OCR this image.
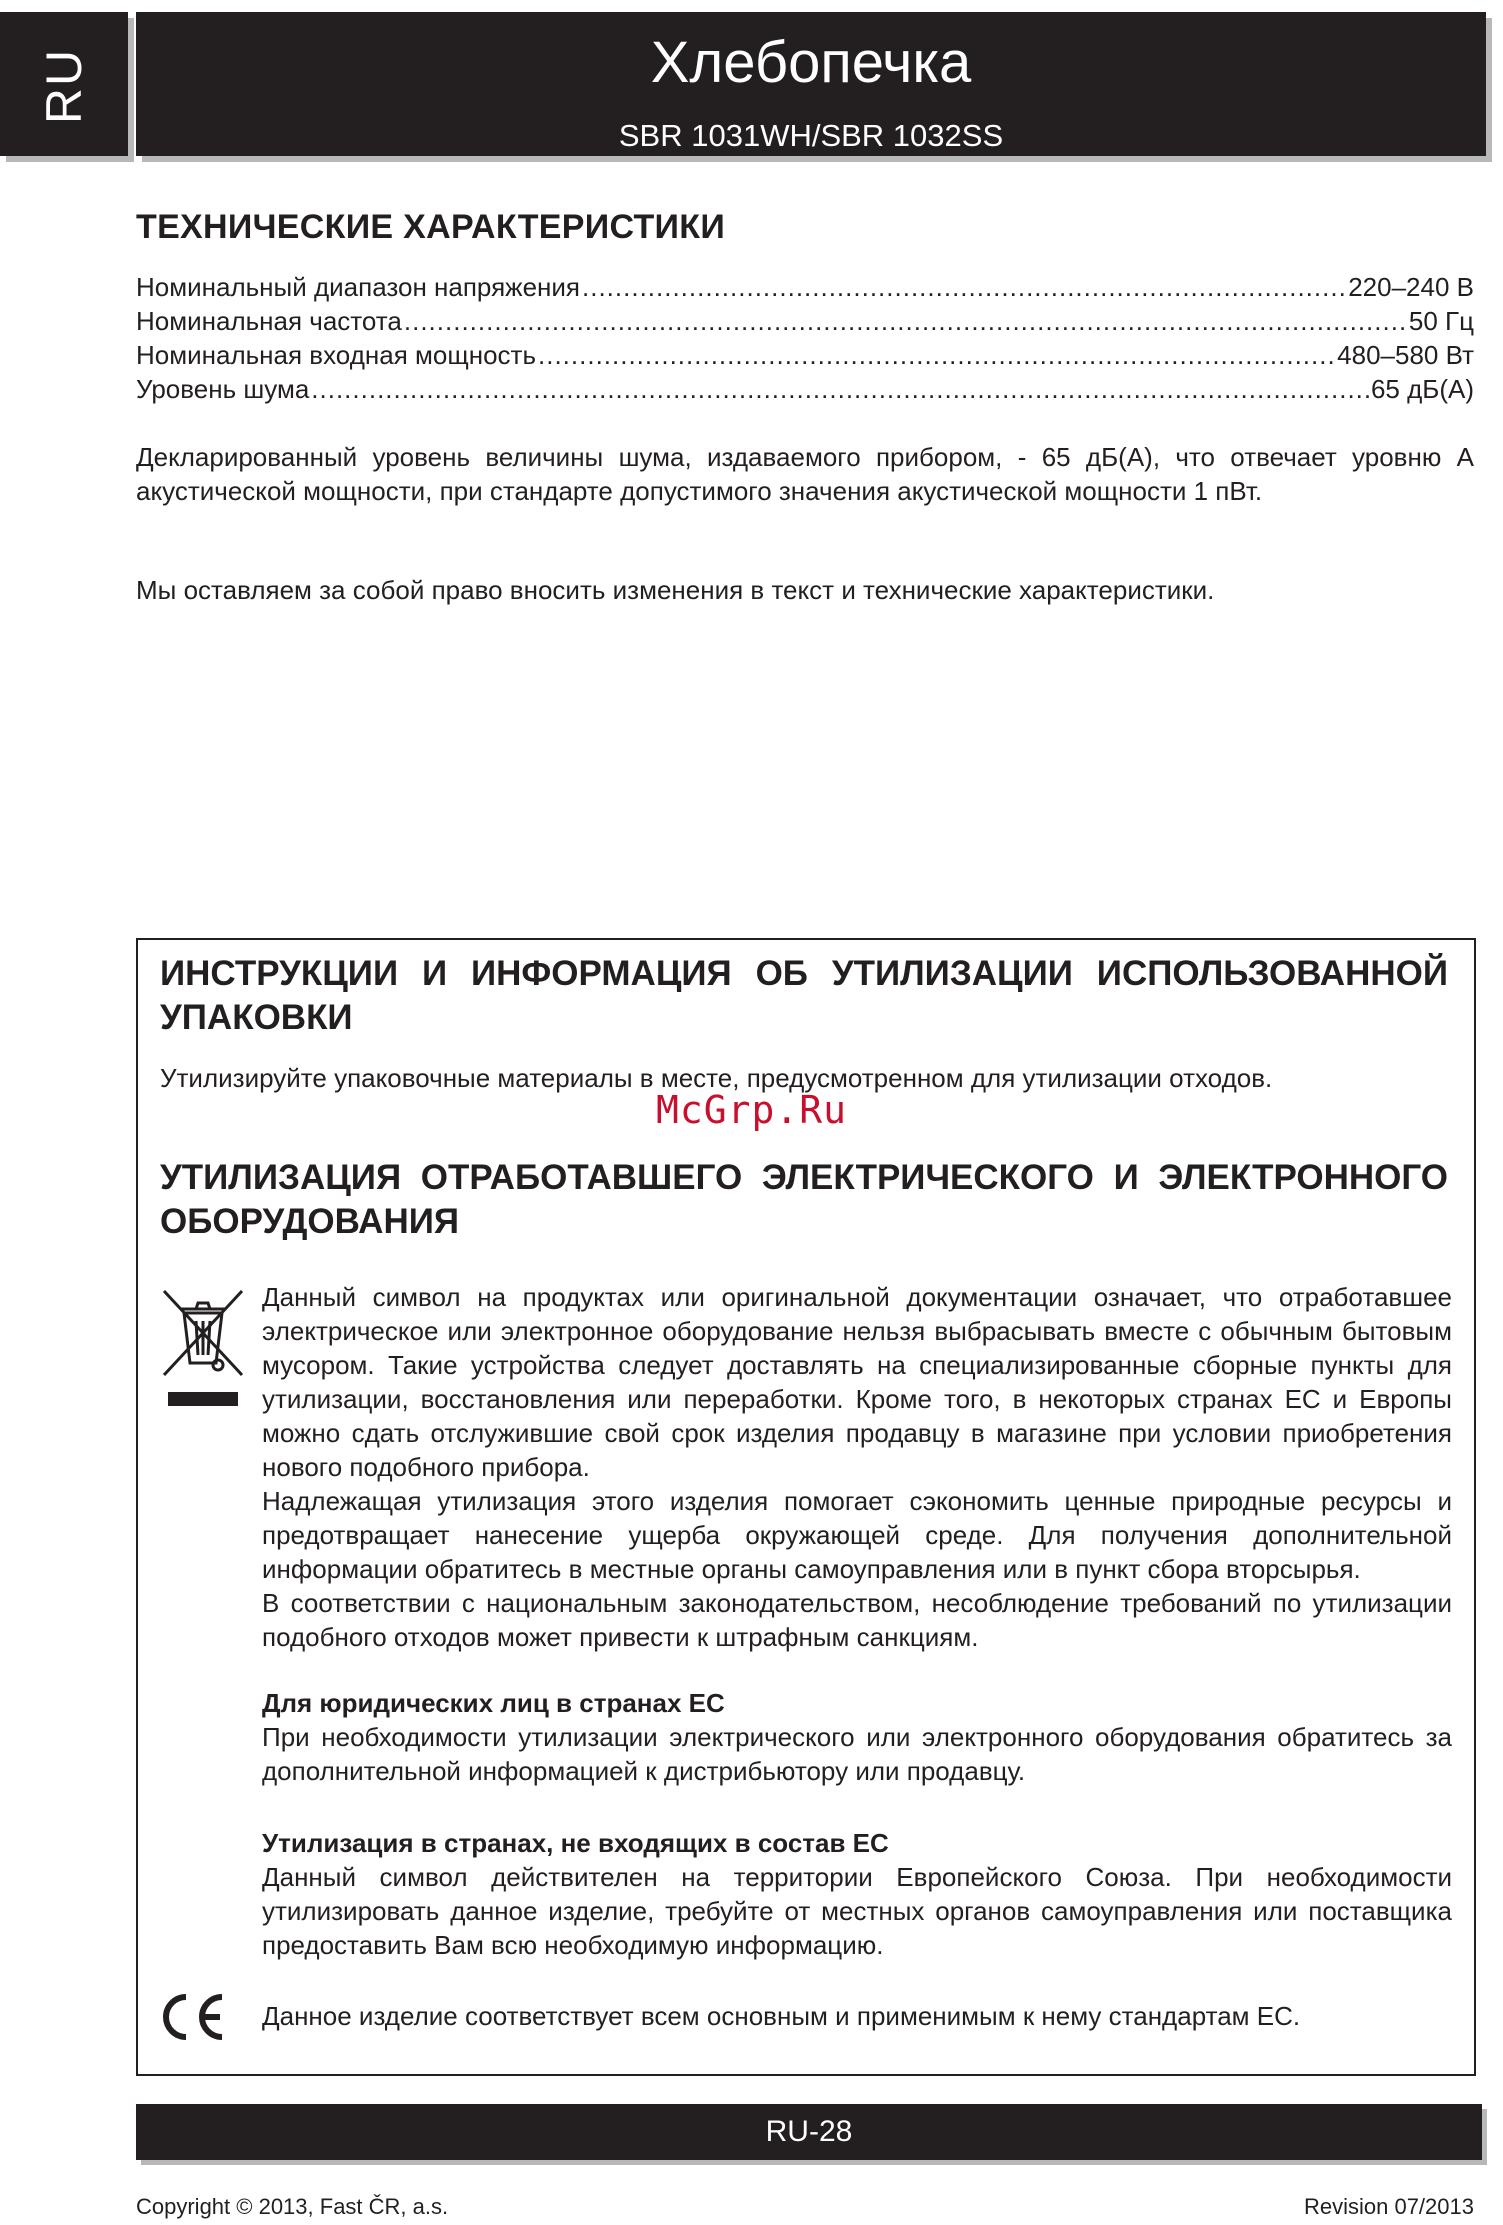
RU	Хлебопечка
SBR 1031WH/SBR 1032SS
ТЕХНИЧЕСКИЕ ХАРАКТЕРИСТИКИ
Номинальный диапазон напряжения .....	220–240 В
Номинальная частота .....	50 Гц
Номинальная входная мощность .....	480–580 Вт
Уровень шума .....	65 дБ(A)
Декларированный уровень величины шума, издаваемого прибором, - 65 дБ(A), что отвечает уровню A акустической мощности, при стандарте допустимого значения акустической мощности 1 пВт.
Мы оставляем за собой право вносить изменения в текст и технические характеристики.
ИНСТРУКЦИИ И ИНФОРМАЦИЯ ОБ УТИЛИЗАЦИИ ИСПОЛЬЗОВАННОЙ УПАКОВКИ
Утилизируйте упаковочные материалы в месте, предусмотренном для утилизации отходов.
McGrp.Ru
УТИЛИЗАЦИЯ ОТРАБОТАВШЕГО ЭЛЕКТРИЧЕСКОГО И ЭЛЕКТРОННОГО ОБОРУДОВАНИЯ
Данный символ на продуктах или оригинальной документации означает, что отработавшее электрическое или электронное оборудование нельзя выбрасывать вместе с обычным бытовым мусором. Такие устройства следует доставлять на специализированные сборные пункты для утилизации, восстановления или переработки. Кроме того, в некоторых странах ЕС и Европы можно сдать отслужившие свой срок изделия продавцу в магазине при условии приобретения нового подобного прибора.
Надлежащая утилизация этого изделия помогает сэкономить ценные природные ресурсы и предотвращает нанесение ущерба окружающей среде. Для получения дополнительной информации обратитесь в местные органы самоуправления или в пункт сбора вторсырья.
В соответствии с национальным законодательством, несоблюдение требований по утилизации подобного отходов может привести к штрафным санкциям.
Для юридических лиц в странах ЕС
При необходимости утилизации электрического или электронного оборудования обратитесь за дополнительной информацией к дистрибьютору или продавцу.
Утилизация в странах, не входящих в состав ЕС
Данный символ действителен на территории Европейского Союза. При необходимости утилизировать данное изделие, требуйте от местных органов самоуправления или поставщика предоставить Вам всю необходимую информацию.
Данное изделие соответствует всем основным и применимым к нему стандартам ЕС.
RU-28
Copyright © 2013, Fast ČR, a.s.	Revision 07/2013
